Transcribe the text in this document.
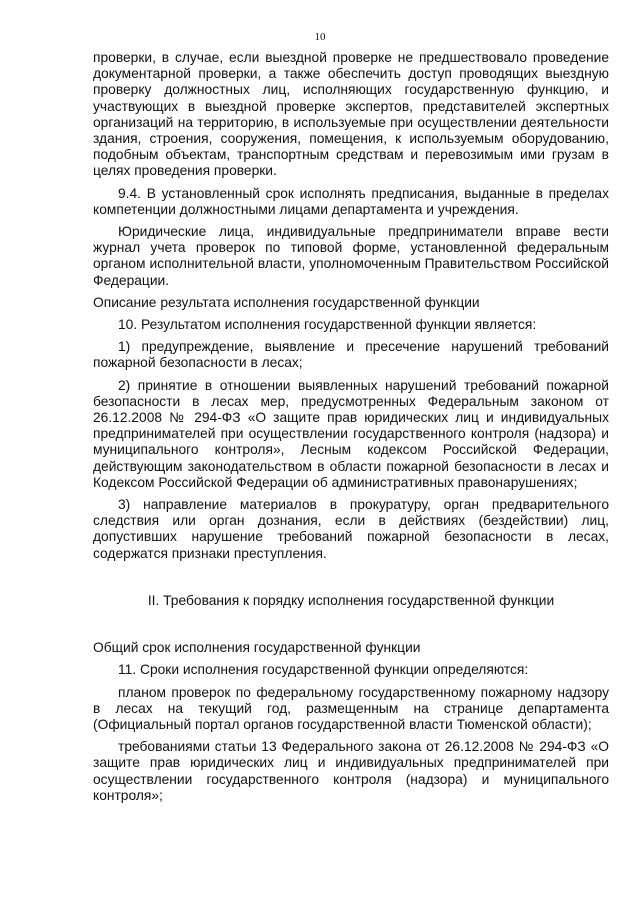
10

проверки, в случае, если выездной проверке не предшествовало проведение документарной проверки, а также обеспечить доступ проводящих выездную проверку должностных лиц, исполняющих государственную функцию, и участвующих в выездной проверке экспертов, представителей экспертных организаций на территорию, в используемые при осуществлении деятельности здания, строения, сооружения, помещения, к используемым оборудованию, подобным объектам, транспортным средствам и перевозимым ими грузам в целях проведения проверки.

9.4. В установленный срок исполнять предписания, выданные в пределах компетенции должностными лицами департамента и учреждения.

Юридические лица, индивидуальные предприниматели вправе вести журнал учета проверок по типовой форме, установленной федеральным органом исполнительной власти, уполномоченным Правительством Российской Федерации.

Описание результата исполнения государственной функции

10. Результатом исполнения государственной функции является:

1) предупреждение, выявление и пресечение нарушений требований пожарной безопасности в лесах;

2) принятие в отношении выявленных нарушений требований пожарной безопасности в лесах мер, предусмотренных Федеральным законом от 26.12.2008 № 294-ФЗ «О защите прав юридических лиц и индивидуальных предпринимателей при осуществлении государственного контроля (надзора) и муниципального контроля», Лесным кодексом Российской Федерации, действующим законодательством в области пожарной безопасности в лесах и Кодексом Российской Федерации об административных правонарушениях;

3) направление материалов в прокуратуру, орган предварительного следствия или орган дознания, если в действиях (бездействии) лиц, допустивших нарушение требований пожарной безопасности в лесах, содержатся признаки преступления.

II. Требования к порядку исполнения государственной функции

Общий срок исполнения государственной функции

11. Сроки исполнения государственной функции определяются:

планом проверок по федеральному государственному пожарному надзору в лесах на текущий год, размещенным на странице департамента (Официальный портал органов государственной власти Тюменской области);

требованиями статьи 13 Федерального закона от 26.12.2008 № 294-ФЗ «О защите прав юридических лиц и индивидуальных предпринимателей при осуществлении государственного контроля (надзора) и муниципального контроля»;
